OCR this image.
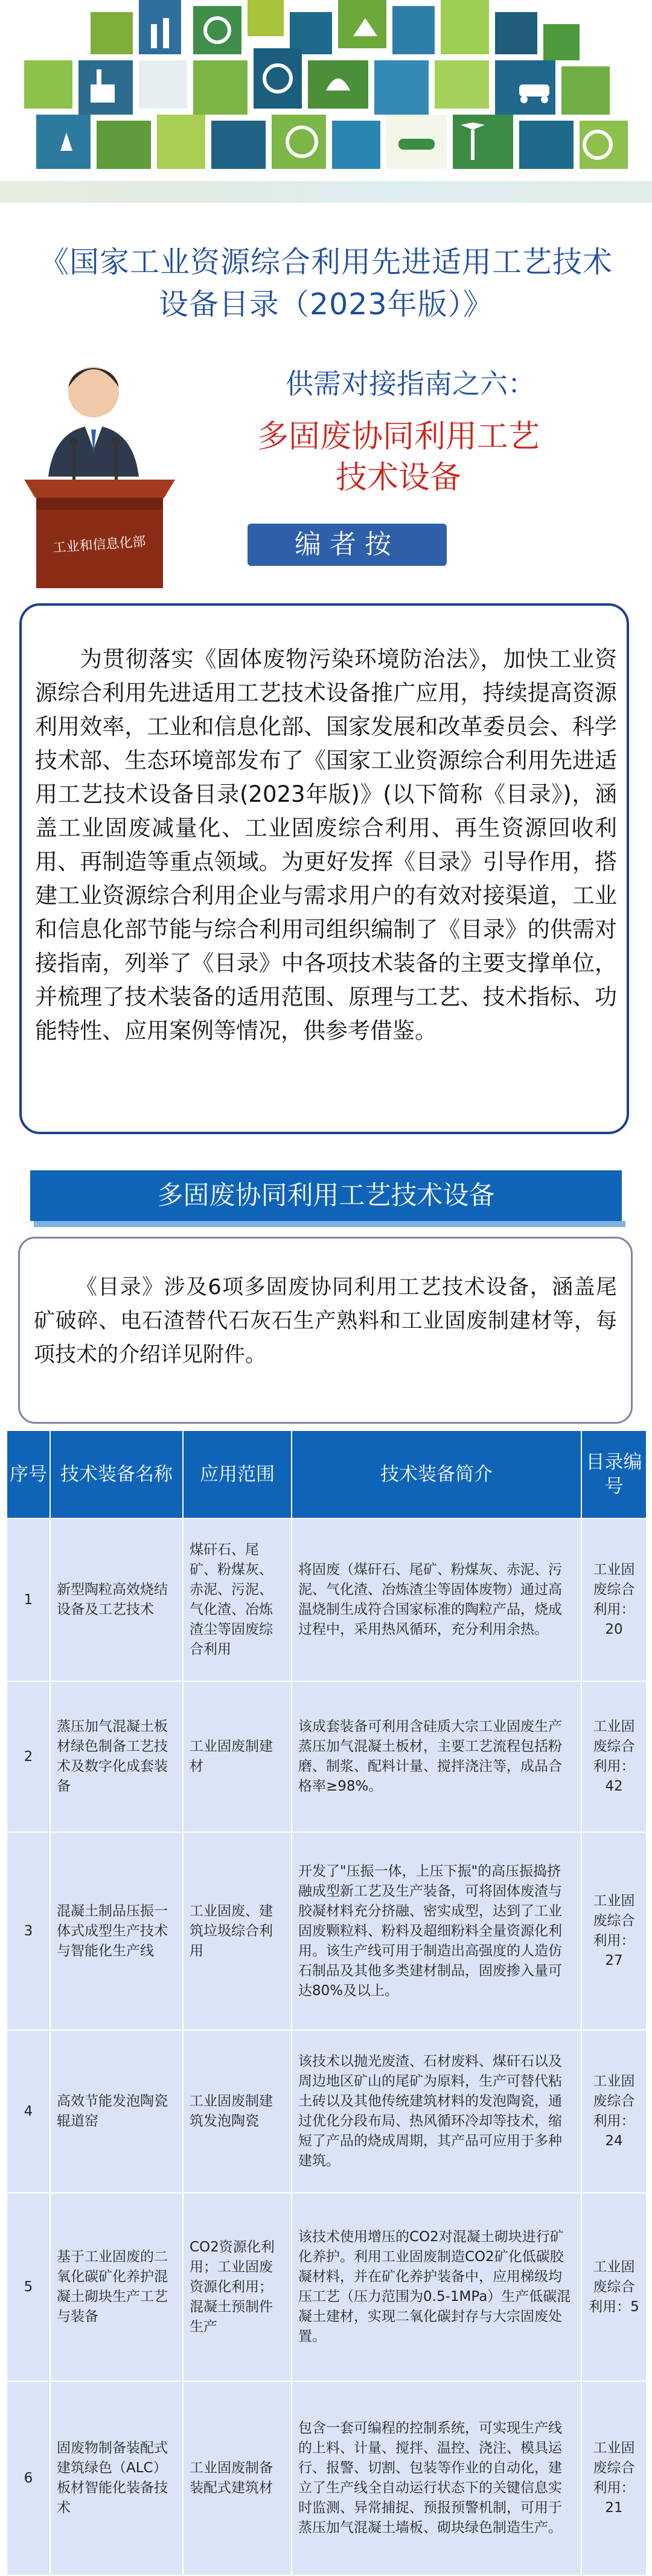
《国家工业资源综合利用先进适用工艺技术设备目录（2023年版）》
工业和信息化部
供需对接指南之六：
多固废协同利用工艺
技术设备
编者按
为贯彻落实《固体废物污染环境防治法》，加快工业资源综合利用先进适用工艺技术设备推广应用，持续提高资源利用效率，工业和信息化部、国家发展和改革委员会、科学技术部、生态环境部发布了《国家工业资源综合利用先进适用工艺技术设备目录(2023年版)》(以下简称《目录》)，涵盖工业固废减量化、工业固废综合利用、再生资源回收利用、再制造等重点领域。为更好发挥《目录》引导作用，搭建工业资源综合利用企业与需求用户的有效对接渠道，工业和信息化部节能与综合利用司组织编制了《目录》的供需对接指南，列举了《目录》中各项技术装备的主要支撑单位，并梳理了技术装备的适用范围、原理与工艺、技术指标、功能特性、应用案例等情况，供参考借鉴。
多固废协同利用工艺技术设备
《目录》涉及6项多固废协同利用工艺技术设备，涵盖尾矿破碎、电石渣替代石灰石生产熟料和工业固废制建材等，每项技术的介绍详见附件。
序号	技术装备名称	应用范围	技术装备简介	目录编号
1	新型陶粒高效烧结设备及工艺技术	煤矸石、尾矿、粉煤灰、赤泥、污泥、气化渣、冶炼渣尘等固废综合利用	将固废（煤矸石、尾矿、粉煤灰、赤泥、污泥、气化渣、冶炼渣尘等固体废物）通过高温烧制生成符合国家标准的陶粒产品，烧成过程中，采用热风循环，充分利用余热。	工业固废综合利用：20
2	蒸压加气混凝土板材绿色制备工艺技术及数字化成套装备	工业固废制建材	该成套装备可利用含硅质大宗工业固废生产蒸压加气混凝土板材，主要工艺流程包括粉磨、制浆、配料计量、搅拌浇注等，成品合格率≥98%。	工业固废综合利用：42
3	混凝土制品压振一体式成型生产技术与智能化生产线	工业固废、建筑垃圾综合利用	开发了"压振一体，上压下振"的高压振捣挤融成型新工艺及生产装备，可将固体废渣与胶凝材料充分挤融、密实成型，达到了工业固废颗粒料、粉料及超细粉料全量资源化利用。该生产线可用于制造出高强度的人造仿石制品及其他多类建材制品，固废掺入量可达80%及以上。	工业固废综合利用：27
4	高效节能发泡陶瓷辊道窑	工业固废制建筑发泡陶瓷	该技术以抛光废渣、石材废料、煤矸石以及周边地区矿山的尾矿为原料，生产可替代粘土砖以及其他传统建筑材料的发泡陶瓷，通过优化分段布局、热风循环冷却等技术，缩短了产品的烧成周期，其产品可应用于多种建筑。	工业固废综合利用：24
5	基于工业固废的二氧化碳矿化养护混凝土砌块生产工艺与装备	CO2资源化利用；工业固废资源化利用；混凝土预制件生产	该技术使用增压的CO2对混凝土砌块进行矿化养护。利用工业固废制造CO2矿化低碳胶凝材料，并在矿化养护装备中，应用梯级均压工艺（压力范围为0.5-1MPa）生产低碳混凝土建材，实现二氧化碳封存与大宗固废处置。	工业固废综合利用：5
6	固废物制备装配式建筑绿色（ALC）板材智能化装备技术	工业固废制备装配式建筑材	包含一套可编程的控制系统，可实现生产线的上料、计量、搅拌、温控、浇注、模具运行、报警、切割、包装等作业的自动化，建立了生产线全自动运行状态下的关键信息实时监测、异常捕捉、预报预警机制，可用于蒸压加气混凝土墙板、砌块绿色制造生产。	工业固废综合利用：21
